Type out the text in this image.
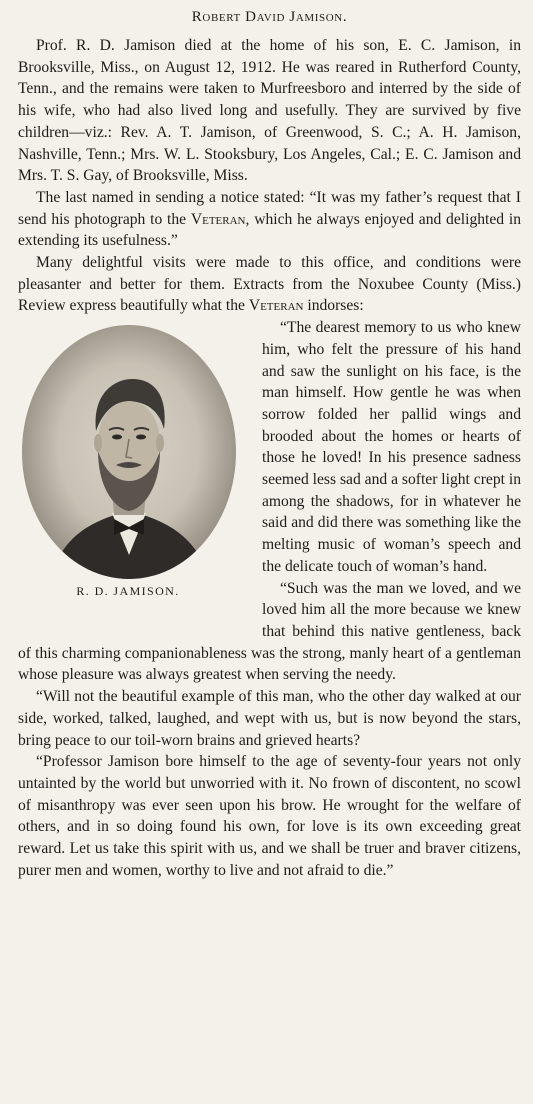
Robert David Jamison.

Prof. R. D. Jamison died at the home of his son, E. C. Jamison, in Brooksville, Miss., on August 12, 1912. He was reared in Rutherford County, Tenn., and the remains were taken to Murfreesboro and interred by the side of his wife, who had also lived long and usefully. They are survived by five children—viz.: Rev. A. T. Jamison, of Greenwood, S. C.; A. H. Jamison, Nashville, Tenn.; Mrs. W. L. Stooksbury, Los Angeles, Cal.; E. C. Jamison and Mrs. T. S. Gay, of Brooksville, Miss.

The last named in sending a notice stated: “It was my father’s request that I send his photograph to the Veteran, which he always enjoyed and delighted in extending its usefulness.”

Many delightful visits were made to this office, and conditions were pleasanter and better for them. Extracts from the Noxubee County (Miss.) Review express beautifully what the Veteran indorses:

R. D. JAMISON.

“The dearest memory to us who knew him, who felt the pressure of his hand and saw the sunlight on his face, is the man himself. How gentle he was when sorrow folded her pallid wings and brooded about the homes or hearts of those he loved! In his presence sadness seemed less sad and a softer light crept in among the shadows, for in whatever he said and did there was something like the melting music of woman’s speech and the delicate touch of woman’s hand.

“Such was the man we loved, and we loved him all the more because we knew that behind this native gentleness, back of this charming companionableness was the strong, manly heart of a gentleman whose pleasure was always greatest when serving the needy.

“Will not the beautiful example of this man, who the other day walked at our side, worked, talked, laughed, and wept with us, but is now beyond the stars, bring peace to our toil-worn brains and grieved hearts?

“Professor Jamison bore himself to the age of seventy-four years not only untainted by the world but unworried with it. No frown of discontent, no scowl of misanthropy was ever seen upon his brow. He wrought for the welfare of others, and in so doing found his own, for love is its own exceeding great reward. Let us take this spirit with us, and we shall be truer and braver citizens, purer men and women, worthy to live and not afraid to die.”
